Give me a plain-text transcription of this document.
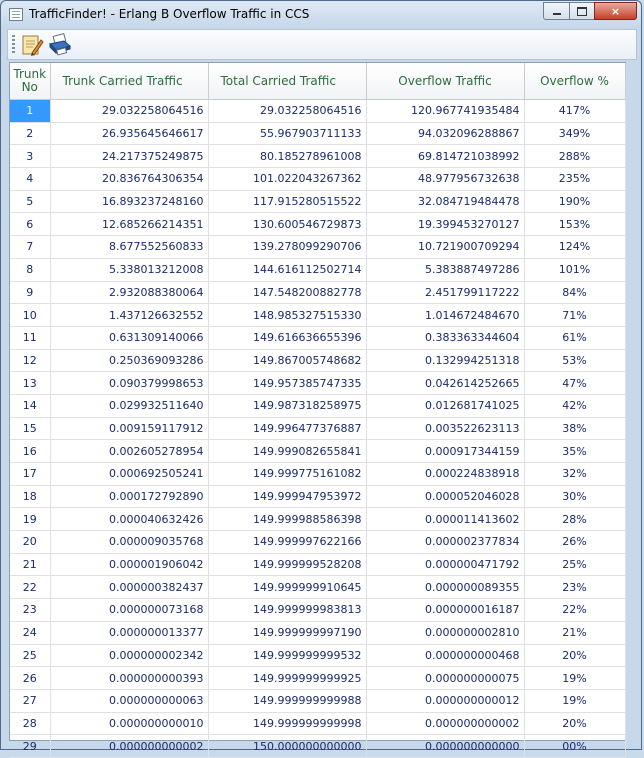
TrafficFinder! - Erlang B Overflow Traffic in CCS	×
Trunk
No	Trunk Carried Traffic	Total Carried Traffic	Overflow Traffic	Overflow %
1	29.032258064516	29.032258064516	120.967741935484	417%
2	26.935645646617	55.967903711133	94.032096288867	349%
3	24.217375249875	80.185278961008	69.814721038992	288%
4	20.836764306354	101.022043267362	48.977956732638	235%
5	16.893237248160	117.915280515522	32.084719484478	190%
6	12.685266214351	130.600546729873	19.399453270127	153%
7	8.677552560833	139.278099290706	10.721900709294	124%
8	5.338013212008	144.616112502714	5.383887497286	101%
9	2.932088380064	147.548200882778	2.451799117222	84%
10	1.437126632552	148.985327515330	1.014672484670	71%
11	0.631309140066	149.616636655396	0.383363344604	61%
12	0.250369093286	149.867005748682	0.132994251318	53%
13	0.090379998653	149.957385747335	0.042614252665	47%
14	0.029932511640	149.987318258975	0.012681741025	42%
15	0.009159117912	149.996477376887	0.003522623113	38%
16	0.002605278954	149.999082655841	0.000917344159	35%
17	0.000692505241	149.999775161082	0.000224838918	32%
18	0.000172792890	149.999947953972	0.000052046028	30%
19	0.000040632426	149.999988586398	0.000011413602	28%
20	0.000009035768	149.999997622166	0.000002377834	26%
21	0.000001906042	149.999999528208	0.000000471792	25%
22	0.000000382437	149.999999910645	0.000000089355	23%
23	0.000000073168	149.999999983813	0.000000016187	22%
24	0.000000013377	149.999999997190	0.000000002810	21%
25	0.000000002342	149.999999999532	0.000000000468	20%
26	0.000000000393	149.999999999925	0.000000000075	19%
27	0.000000000063	149.999999999988	0.000000000012	19%
28	0.000000000010	149.999999999998	0.000000000002	20%
29	0.000000000002	150.000000000000	0.000000000000	00%
